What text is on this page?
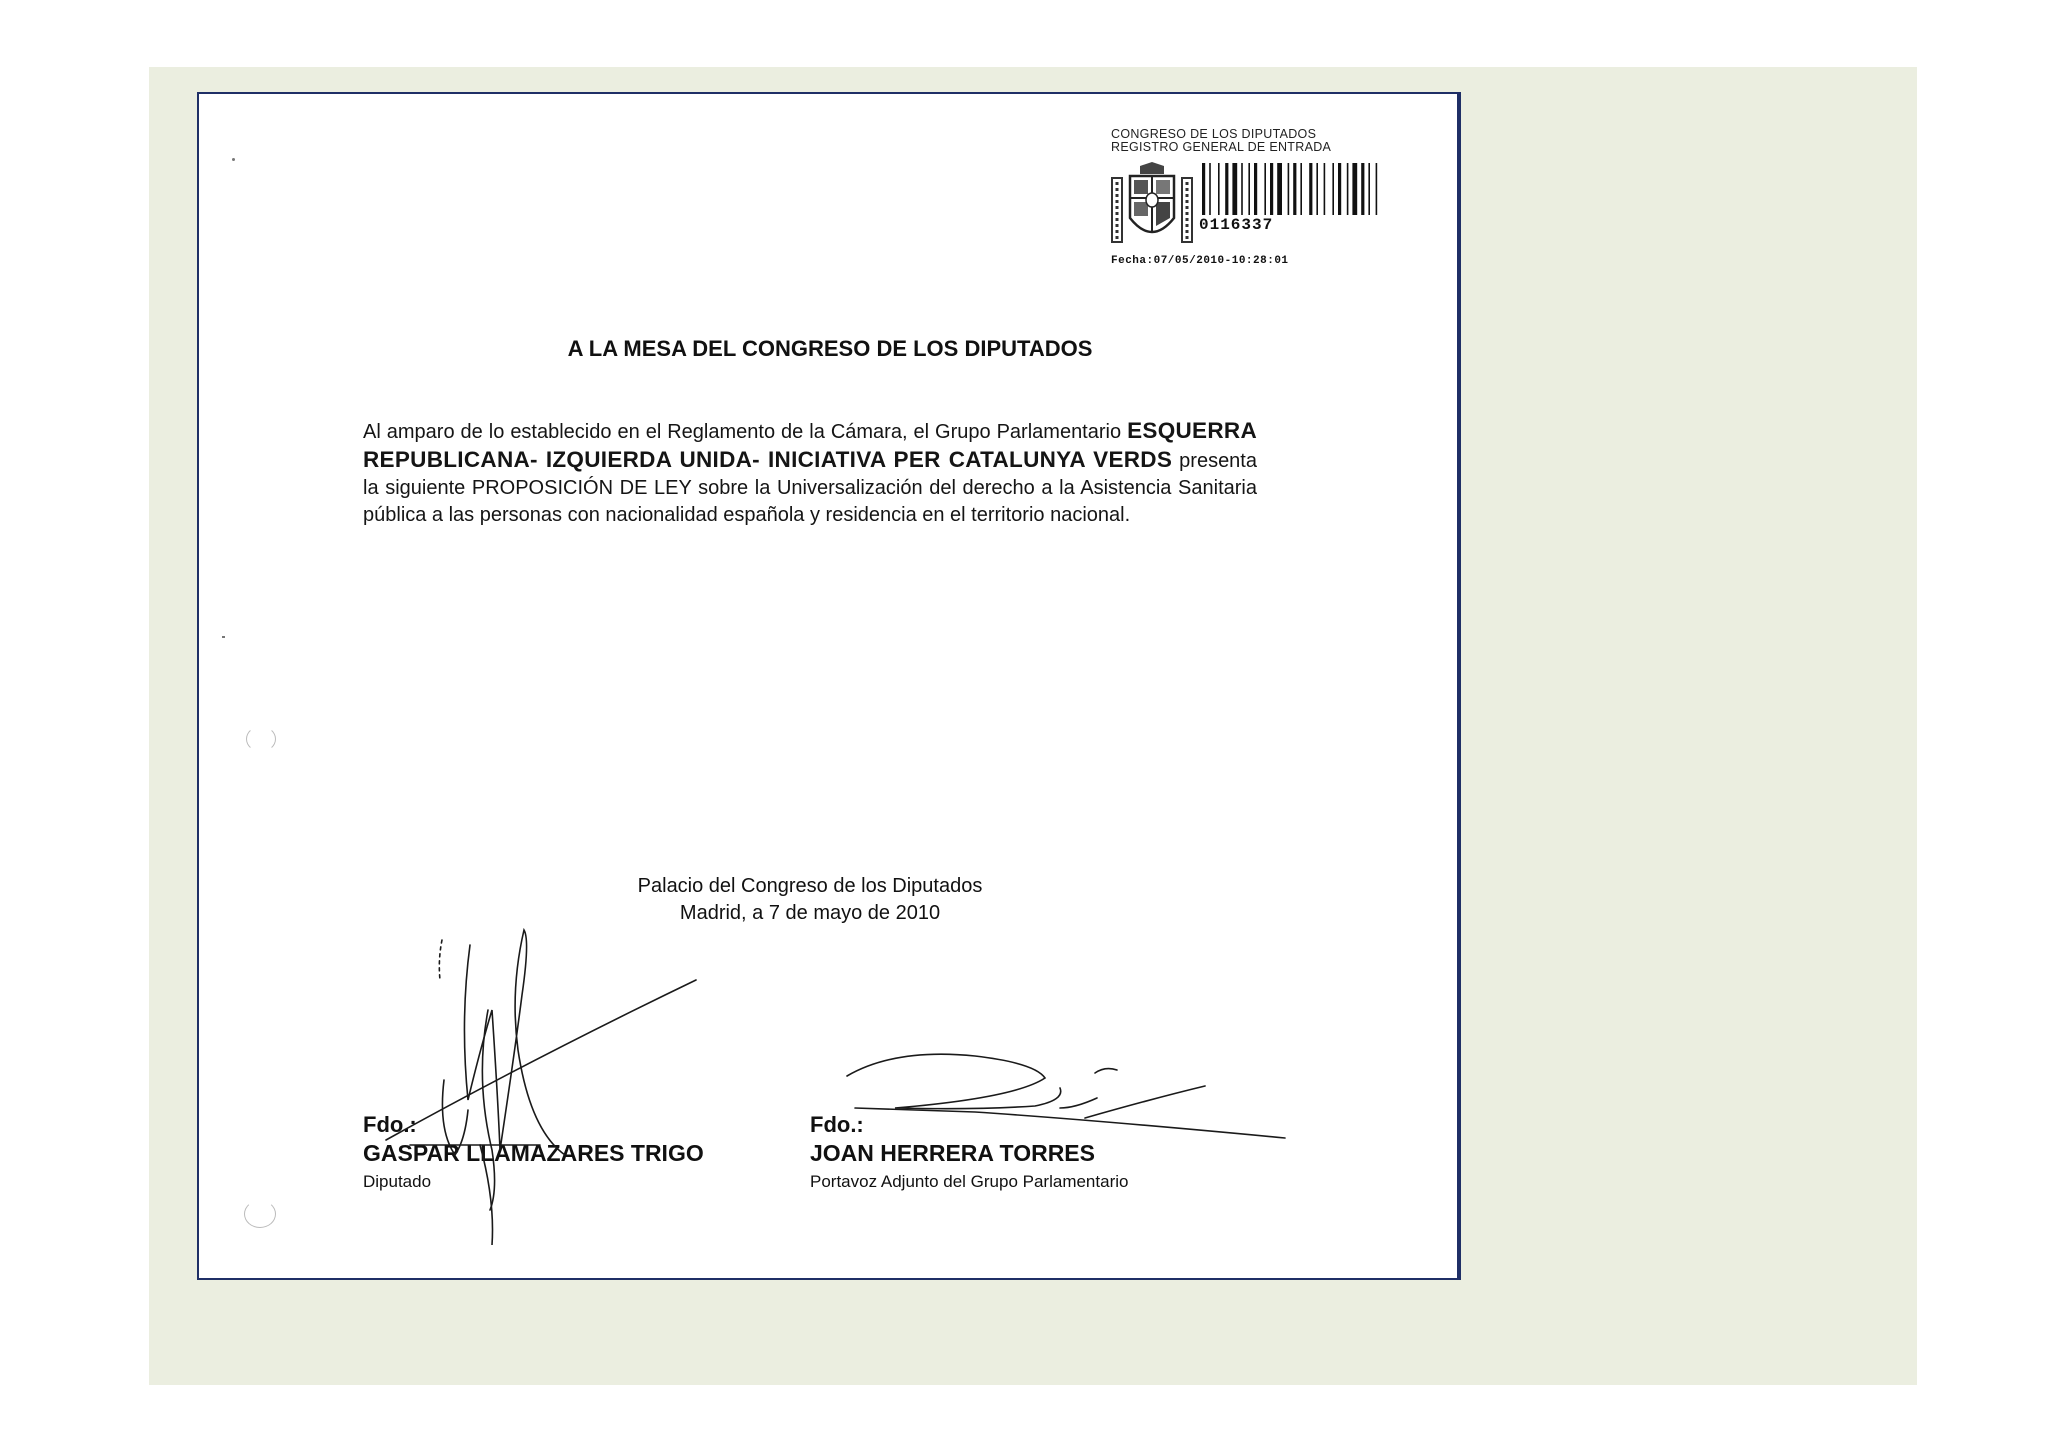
CONGRESO DE LOS DIPUTADOS
REGISTRO GENERAL DE ENTRADA
0116337
Fecha:07/05/2010-10:28:01
A LA MESA DEL CONGRESO DE LOS DIPUTADOS
Al amparo de lo establecido en el Reglamento de la Cámara, el Grupo Parlamentario ESQUERRA REPUBLICANA- IZQUIERDA UNIDA- INICIATIVA PER CATALUNYA VERDS presenta la siguiente PROPOSICIÓN DE LEY sobre la Universalización del derecho a la Asistencia Sanitaria pública a las personas con nacionalidad española y residencia en el territorio nacional.
Palacio del Congreso de los Diputados
Madrid, a 7 de mayo de 2010
Fdo.:
GASPAR LLAMAZARES TRIGO
Diputado
Fdo.:
JOAN HERRERA TORRES
Portavoz Adjunto del Grupo Parlamentario
